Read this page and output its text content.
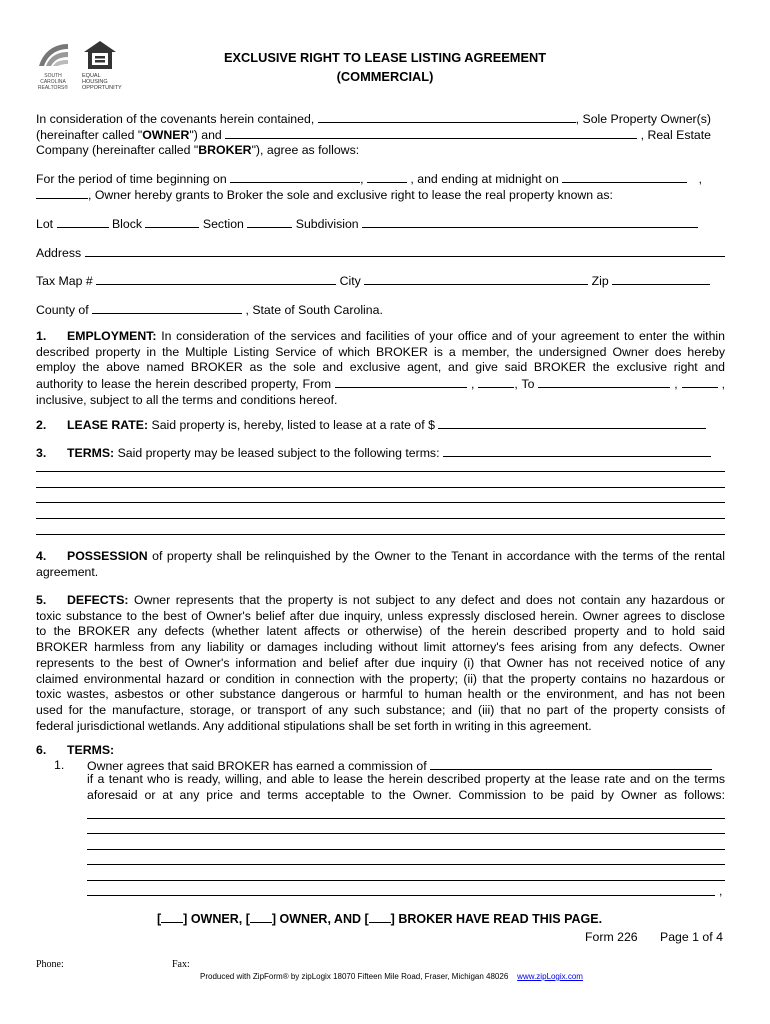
SOUTH CAROLINA REALTORS®
EQUAL HOUSING
OPPORTUNITY
EXCLUSIVE RIGHT TO LEASE LISTING AGREEMENT
(COMMERCIAL)
In consideration of the covenants herein contained,	, Sole Property Owner(s)
(hereinafter called "OWNER") and	, Real Estate
Company (hereinafter called "BROKER"), agree as follows:
For the period of time beginning on	,	, and ending at midnight on	,
, Owner hereby grants to Broker the sole and exclusive right to lease the real property known as:
Lot	Block	Section	Subdivision
Address
Tax Map #	City	Zip
County of	, State of South Carolina.
1. EMPLOYMENT: In consideration of the services and facilities of your office and of your agreement to enter the within
described property in the Multiple Listing Service of which BROKER is a member, the undersigned Owner does hereby
employ the above named BROKER as the sole and exclusive agent, and give said BROKER the exclusive right and
authority to lease the herein described property, From	,	, To	,	,
inclusive, subject to all the terms and conditions hereof.
2. LEASE RATE: Said property is, hereby, listed to lease at a rate of $
3. TERMS: Said property may be leased subject to the following terms:
4. POSSESSION of property shall be relinquished by the Owner to the Tenant in accordance with the terms of the rental
agreement.
5. DEFECTS: Owner represents that the property is not subject to any defect and does not contain any hazardous or
toxic substance to the best of Owner's belief after due inquiry, unless expressly disclosed herein. Owner agrees to disclose
to the BROKER any defects (whether latent affects or otherwise) of the herein described property and to hold said
BROKER harmless from any liability or damages including without limit attorney's fees arising from any defects. Owner
represents to the best of Owner's information and belief after due inquiry (i) that Owner has not received notice of any
claimed environmental hazard or condition in connection with the property; (ii) that the property contains no hazardous or
toxic wastes, asbestos or other substance dangerous or harmful to human health or the environment, and has not been
used for the manufacture, storage, or transport of any such substance; and (iii) that no part of the property consists of
federal jurisdictional wetlands. Any additional stipulations shall be set forth in writing in this agreement.
6. TERMS:
1. Owner agrees that said BROKER has earned a commission of
if a tenant who is ready, willing, and able to lease the herein described property at the lease rate and on the terms
aforesaid or at any price and terms acceptable to the Owner. Commission to be paid by Owner as follows:
,
[ ] OWNER, [ ] OWNER, AND [ ] BROKER HAVE READ THIS PAGE.
Form 226 Page 1 of 4
Phone:	Fax:
Produced with ZipForm® by zipLogix 18070 Fifteen Mile Road, Fraser, Michigan 48026 www.zipLogix.com
